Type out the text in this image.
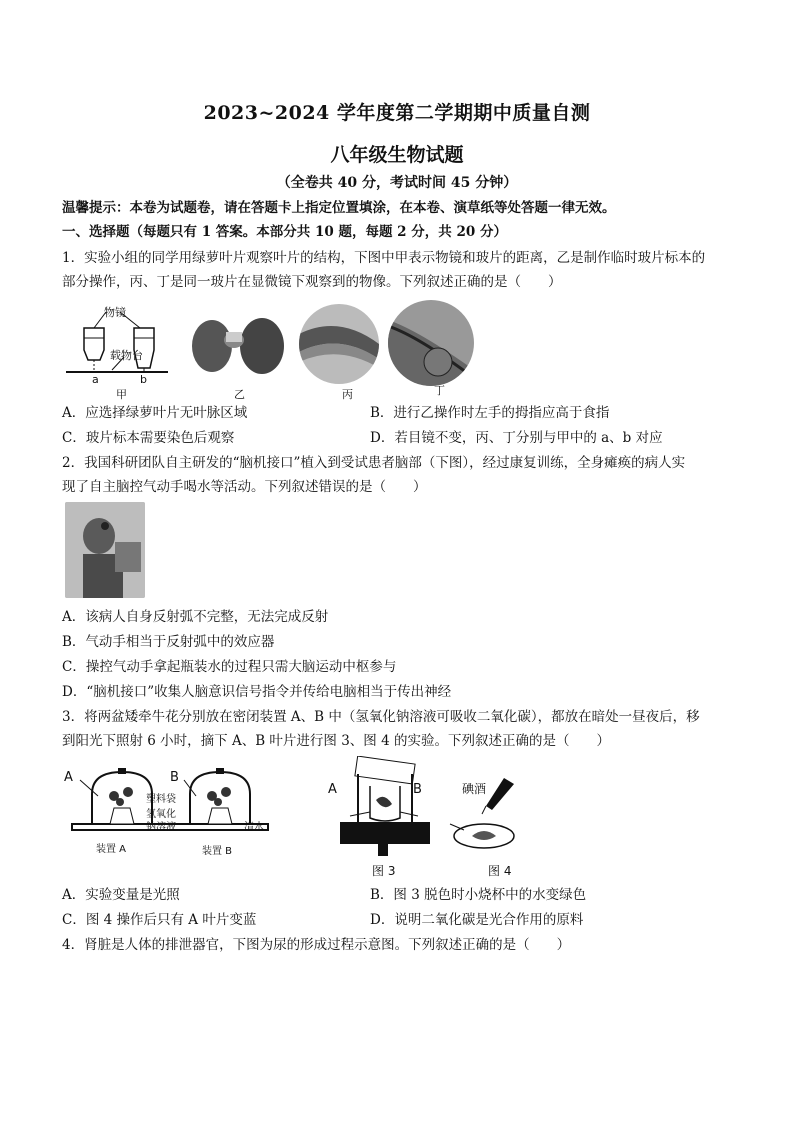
2023~2024 学年度第二学期期中质量自测
八年级生物试题
（全卷共 40 分，考试时间 45 分钟）
温馨提示：本卷为试题卷，请在答题卡上指定位置填涂，在本卷、演草纸等处答题一律无效。
一、选择题（每题只有 1 答案。本部分共 10 题，每题 2 分，共 20 分）
1．实验小组的同学用绿萝叶片观察叶片的结构，下图中甲表示物镜和玻片的距离，乙是制作临时玻片标本的
部分操作，丙、丁是同一玻片在显微镜下观察到的物像。下列叙述正确的是（　　）
物镜
载物台
a	b
甲	乙	丙	丁
A．应选择绿萝叶片无叶脉区域	B．进行乙操作时左手的拇指应高于食指
C．玻片标本需要染色后观察	D．若目镜不变，丙、丁分别与甲中的 a、b 对应
2．我国科研团队自主研发的“脑机接口”植入到受试患者脑部（下图），经过康复训练，全身瘫痪的病人实
现了自主脑控气动手喝水等活动。下列叙述错误的是（　　）
A．该病人自身反射弧不完整，无法完成反射
B．气动手相当于反射弧中的效应器
C．操控气动手拿起瓶装水的过程只需大脑运动中枢参与
D．“脑机接口”收集人脑意识信号指令并传给电脑相当于传出神经
3．将两盆矮牵牛花分别放在密闭装置 A、B 中（氢氧化钠溶液可吸收二氧化碳），都放在暗处一昼夜后，移
到阳光下照射 6 小时，摘下 A、B 叶片进行图 3、图 4 的实验。下列叙述正确的是（　　）
A	B
塑料袋
氢氧化
钠溶液	清水
装置 A	装置 B
A	B
图 3
碘酒
图 4
A．实验变量是光照	B．图 3 脱色时小烧杯中的水变绿色
C．图 4 操作后只有 A 叶片变蓝	D．说明二氧化碳是光合作用的原料
4．肾脏是人体的排泄器官，下图为尿的形成过程示意图。下列叙述正确的是（　　）
